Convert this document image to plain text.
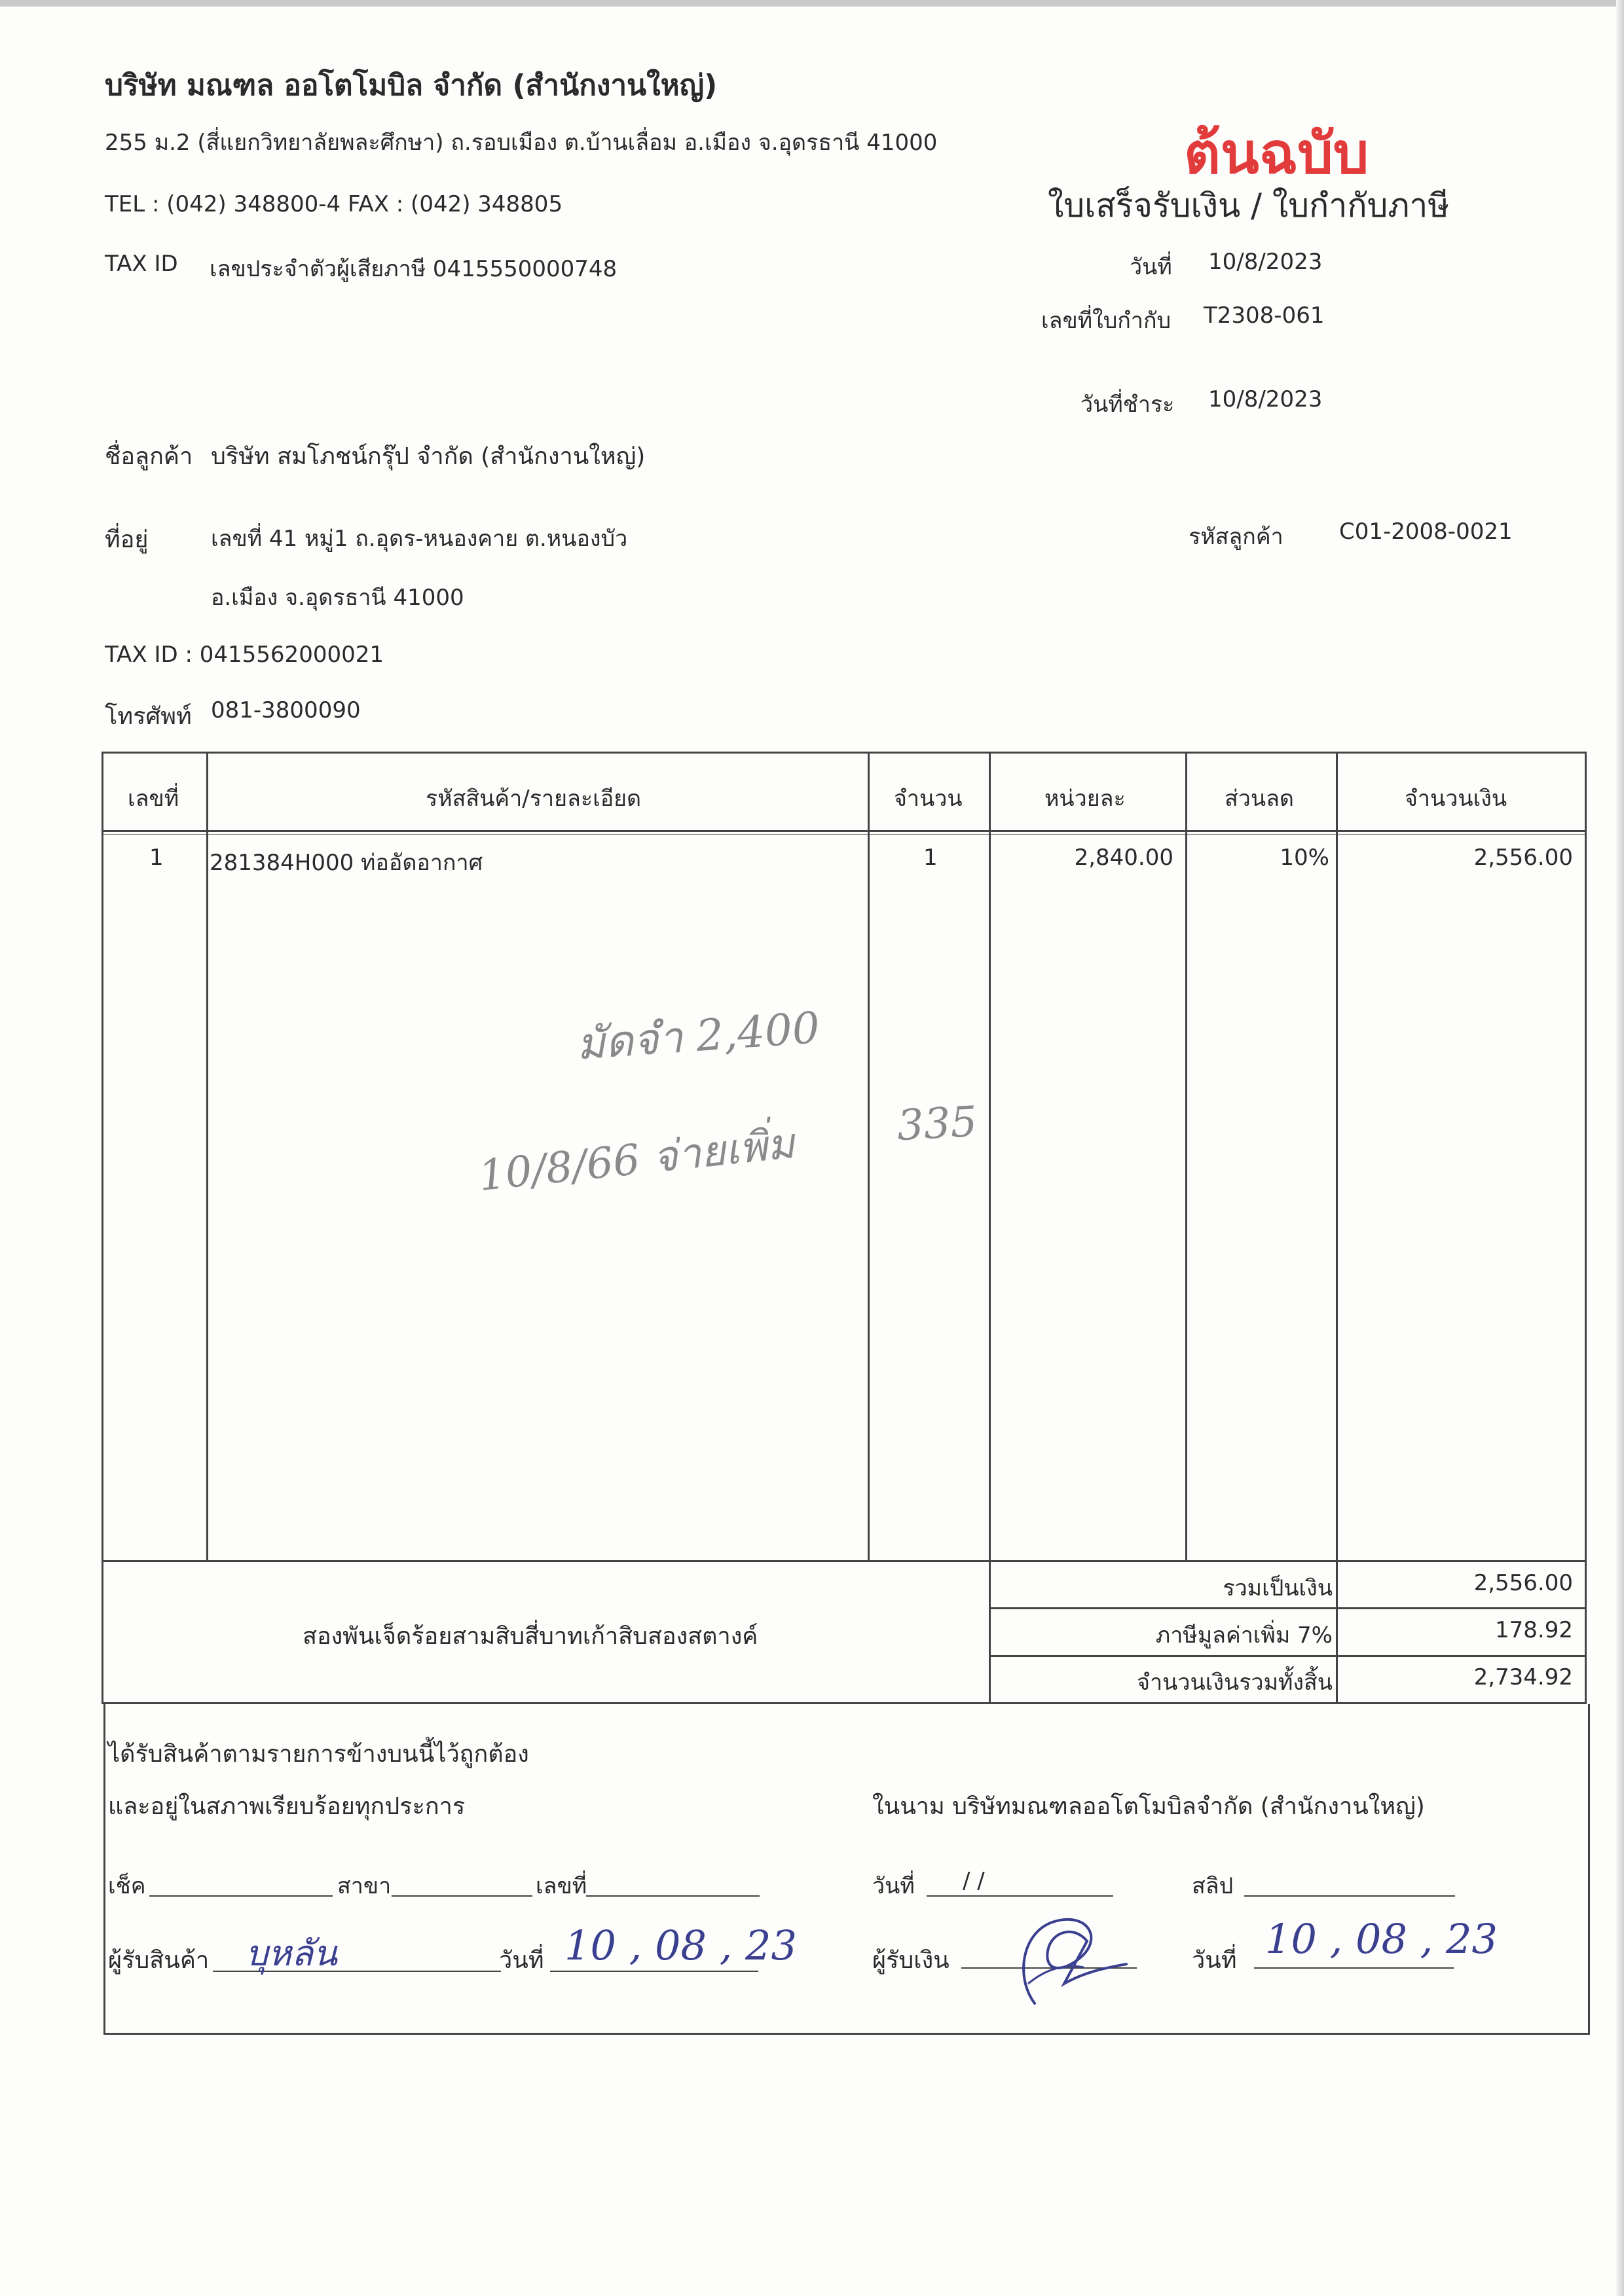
บริษัท มณฑล ออโตโมบิล จำกัด (สำนักงานใหญ่)
255 ม.2 (สี่แยกวิทยาลัยพละศึกษา) ถ.รอบเมือง ต.บ้านเลื่อม อ.เมือง จ.อุดรธานี 41000
TEL : (042) 348800-4 FAX : (042) 348805
TAX ID เลขประจำตัวผู้เสียภาษี 0415550000748
ต้นฉบับ
ใบเสร็จรับเงิน / ใบกำกับภาษี
วันที่ 10/8/2023
เลขที่ใบกำกับ T2308-061
วันที่ชำระ 10/8/2023
ชื่อลูกค้า บริษัท สมโภชน์กรุ๊ป จำกัด (สำนักงานใหญ่)
ที่อยู่	เลขที่ 41 หมู่1 ถ.อุดร-หนองคาย ต.หนองบัว
อ.เมือง จ.อุดรธานี 41000
รหัสลูกค้า	C01-2008-0021
TAX ID : 0415562000021
โทรศัพท์ 081-3800090
เลขที่	รหัสสินค้า/รายละเอียด	จำนวน	หน่วยละ	ส่วนลด	จำนวนเงิน
1 281384H000 ท่ออัดอากาศ	1	2,840.00	10%	2,556.00
มัดจำ 2,400
10/8/66 จ่ายเพิ่ม 335
สองพันเจ็ดร้อยสามสิบสี่บาทเก้าสิบสองสตางค์
รวมเป็นเงิน	2,556.00
ภาษีมูลค่าเพิ่ม 7%	178.92
จำนวนเงินรวมทั้งสิ้น	2,734.92
ได้รับสินค้าตามรายการข้างบนนี้ไว้ถูกต้อง
และอยู่ในสภาพเรียบร้อยทุกประการ	ในนาม บริษัทมณฑลออโตโมบิลจำกัด (สำนักงานใหญ่)
เช็ค	สาขา	เลขที่	วันที่ / /	สลิป
ผู้รับสินค้า บุหลัน	วันที่ 10 , 08 , 23	ผู้รับเงิน	วันที่ 10 , 08 , 23
